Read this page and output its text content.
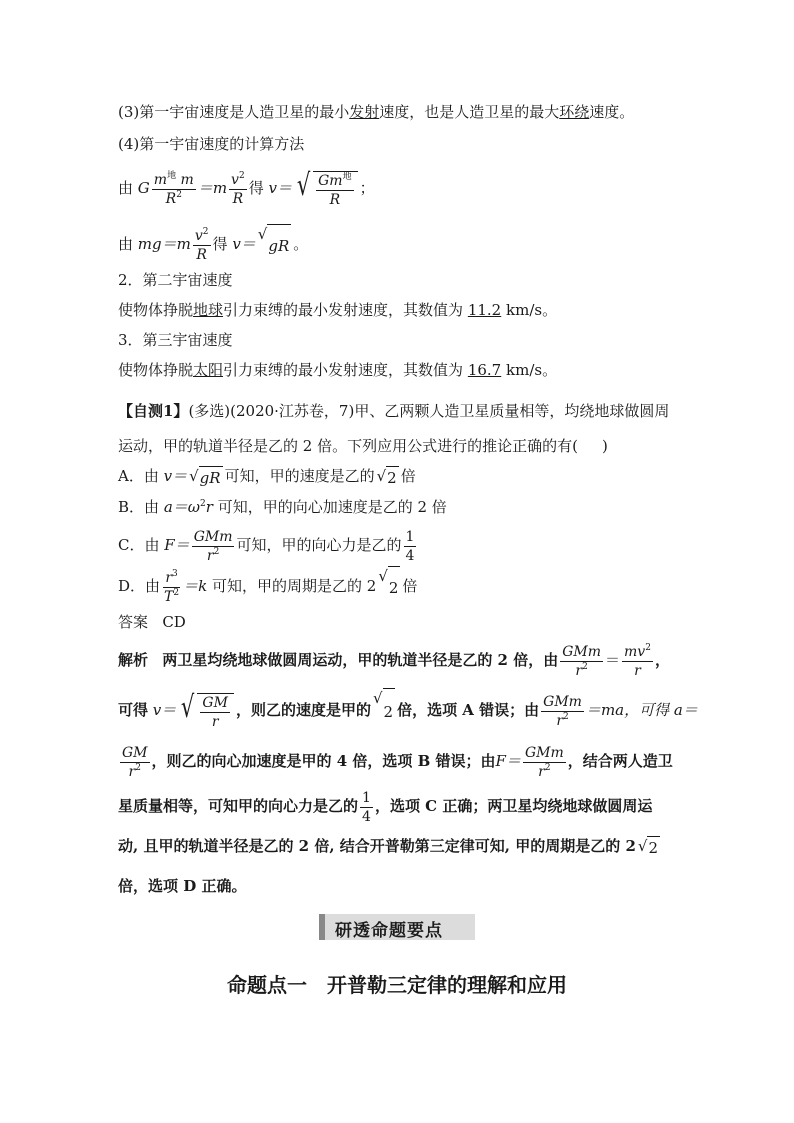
(3)第一宇宙速度是人造卫星的最小发射速度，也是人造卫星的最大环绕速度。
(4)第一宇宙速度的计算方法
由 G $\frac{m^地 m}{R^2} =m \frac{v^2}{R}$ 得 v＝ √ $\frac{Gm^地}{R}$ ；
由 $mg=m \frac{v^2}{R}$ 得 v＝
√
gR 。
2．第二宇宙速度
使物体挣脱地球引力束缚的最小发射速度，其数值为 11.2 km/s。
3．第三宇宙速度
使物体挣脱太阳引力束缚的最小发射速度，其数值为 16.7 km/s。
【自测1】(多选)(2020·江苏卷，7)甲、乙两颗人造卫星质量相等，均绕地球做圆周
运动，甲的轨道半径是乙的 2 倍。下列应用公式进行的推论正确的有( )
A．由 v＝ √ gR 可知，甲的速度是乙的 √ 2 倍
B．由 $a=\omega^2r$ 可知，甲的向心加速度是乙的 2 倍
C．由 $F= \frac{\text{GMm}}{r^2}$ 可知，甲的向心力是乙的 $\frac{1}{4}$
D．由 $\frac{r^3}{T^2} =k$ 可知，甲的周期是乙的 2
√
2 倍
答案 CD
解析 两卫星均绕地球做圆周运动，甲的轨道半径是乙的 2 倍，由 $\frac{\text{GMm}}{r^2} = \frac{mv^2}{r}$ ，
可得 v＝ √ $\frac{GM}{r}$ ，则乙的速度是甲的
√
2 倍，选项 A 错误；由 $\frac{\text{GMm}}{r^2} =ma$，可得 a＝
$\frac{GM}{r^2}$ ，则乙的向心加速度是甲的 4 倍，选项 B 错误；由$F= \frac{\text{GMm}}{r^2}$ ，结合两人造卫
星质量相等，可知甲的向心力是乙的 $\frac{1}{4}$ ，选项 C 正确；两卫星均绕地球做圆周运
动, 且甲的轨道半径是乙的 2 倍, 结合开普勒第三定律可知, 甲的周期是乙的 2 √ 2
倍，选项 D 正确。
研透命题要点
命题点一　开普勒三定律的理解和应用
